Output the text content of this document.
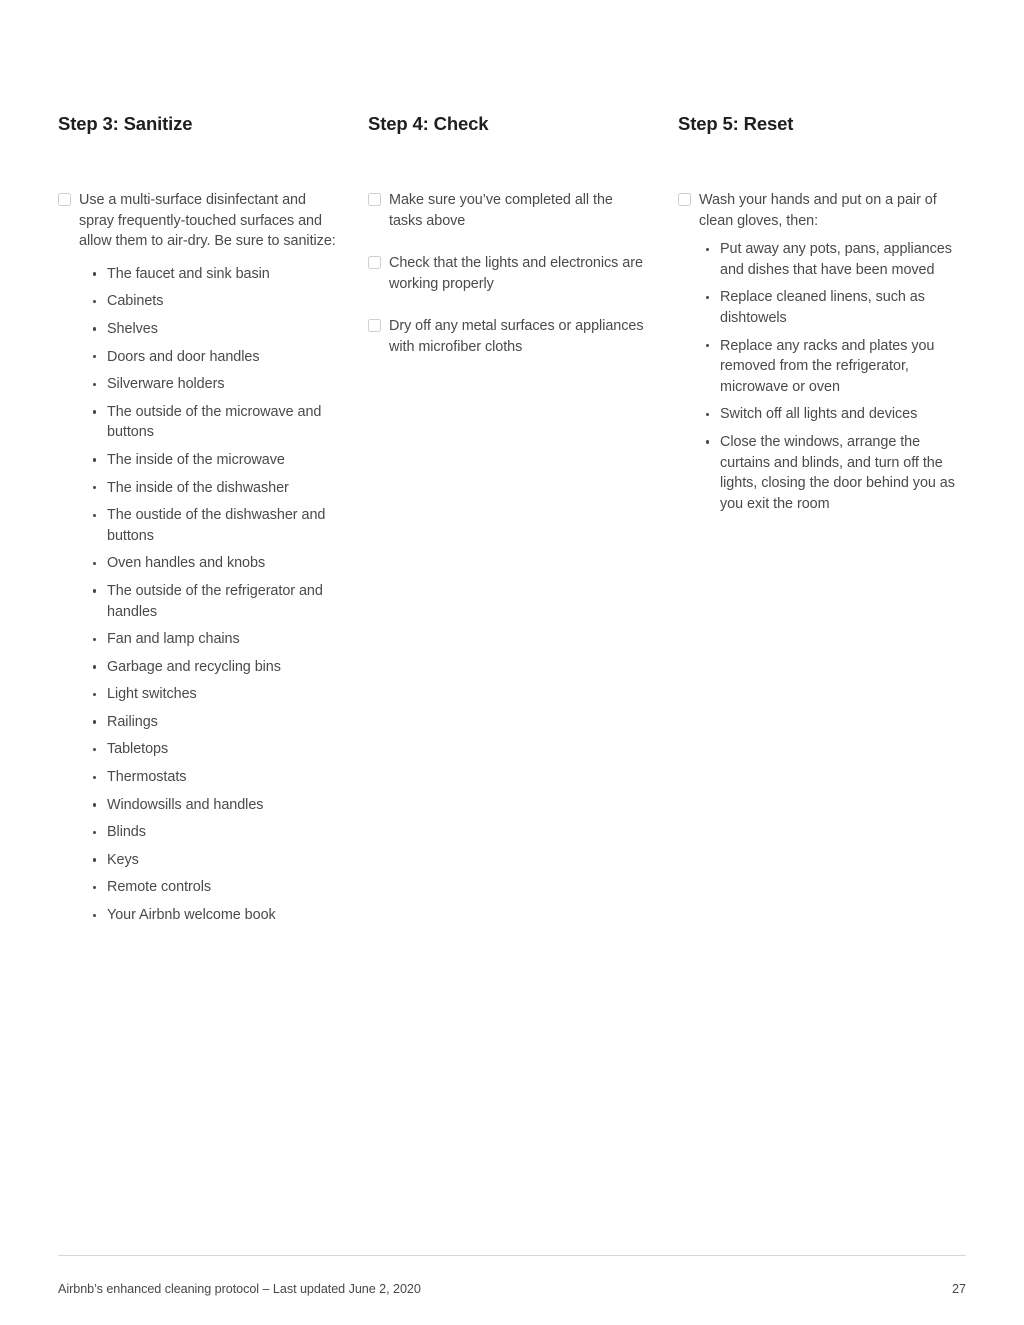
Step 3: Sanitize

Use a multi-surface disinfectant and spray frequently-touched surfaces and allow them to air-dry. Be sure to sanitize:

The faucet and sink basin
Cabinets
Shelves
Doors and door handles
Silverware holders
The outside of the microwave and buttons
The inside of the microwave
The inside of the dishwasher
The oustide of the dishwasher and buttons
Oven handles and knobs
The outside of the refrigerator and handles
Fan and lamp chains
Garbage and recycling bins
Light switches
Railings
Tabletops
Thermostats
Windowsills and handles
Blinds
Keys
Remote controls
Your Airbnb welcome book
Step 4: Check

Make sure you’ve completed all the tasks above

Check that the lights and electronics are working properly

Dry off any metal surfaces or appliances with microfiber cloths

Step 5: Reset

Wash your hands and put on a pair of clean gloves, then:

Put away any pots, pans, appliances and dishes that have been moved
Replace cleaned linens, such as dishtowels
Replace any racks and plates you removed from the refrigerator, microwave or oven
Switch off all lights and devices
Close the windows, arrange the curtains and blinds, and turn off the lights, closing the door behind you as you exit the room
Airbnb’s enhanced cleaning protocol – Last updated June 2, 2020	27
